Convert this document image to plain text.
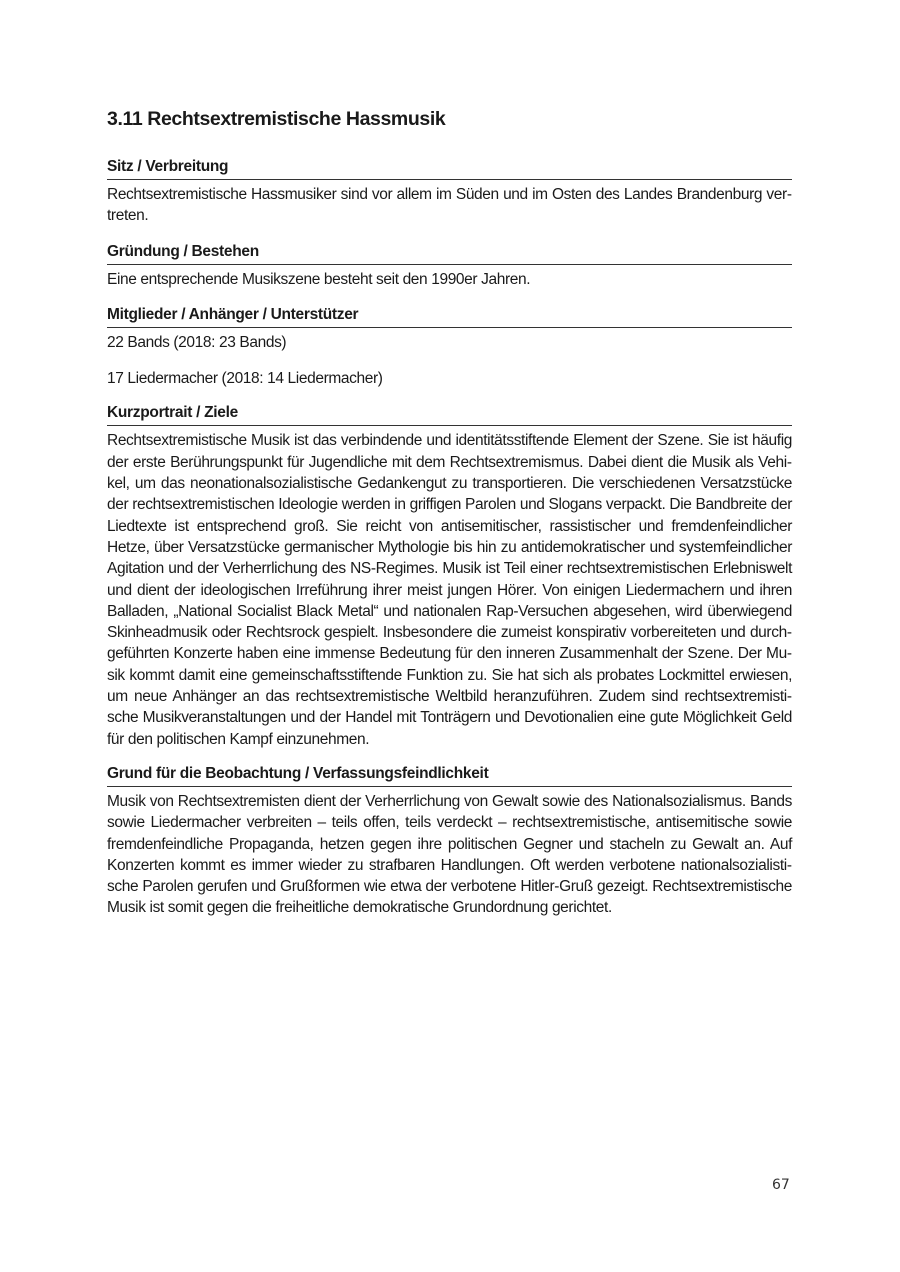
3.11 Rechtsextremistische Hassmusik
Sitz / Verbreitung

Rechtsextremistische Hassmusiker sind vor allem im Süden und im Osten des Landes Brandenburg vertreten.

Gründung / Bestehen

Eine entsprechende Musikszene besteht seit den 1990er Jahren.

Mitglieder / Anhänger / Unterstützer

22 Bands (2018: 23 Bands)

17 Liedermacher (2018: 14 Liedermacher)

Kurzportrait / Ziele

Rechtsextremistische Musik ist das verbindende und identitätsstiftende Element der Szene. Sie ist häufig der erste Berührungspunkt für Jugendliche mit dem Rechtsextremismus. Dabei dient die Musik als Vehikel, um das neonationalsozialistische Gedankengut zu transportieren. Die verschiedenen Versatzstücke der rechtsextremistischen Ideologie werden in griffigen Parolen und Slogans verpackt. Die Bandbreite der Liedtexte ist entsprechend groß. Sie reicht von antisemitischer, rassistischer und fremdenfeindlicher Hetze, über Versatzstücke germanischer Mythologie bis hin zu antidemokratischer und systemfeindlicher Agitation und der Verherrlichung des NS-Regimes. Musik ist Teil einer rechtsextremistischen Erlebniswelt und dient der ideologischen Irreführung ihrer meist jungen Hörer. Von einigen Liedermachern und ihren Balladen, „National Socialist Black Metal“ und nationalen Rap-Versuchen abgesehen, wird überwiegend Skinheadmusik oder Rechtsrock gespielt. Insbesondere die zumeist konspirativ vorbereiteten und durchgeführten Konzerte haben eine immense Bedeutung für den inneren Zusammenhalt der Szene. Der Musik kommt damit eine gemeinschaftsstiftende Funktion zu. Sie hat sich als probates Lockmittel erwiesen, um neue Anhänger an das rechtsextremistische Weltbild heranzuführen. Zudem sind rechtsextremistische Musikveranstaltungen und der Handel mit Tonträgern und Devotionalien eine gute Möglichkeit Geld für den politischen Kampf einzunehmen.

Grund für die Beobachtung / Verfassungsfeindlichkeit

Musik von Rechtsextremisten dient der Verherrlichung von Gewalt sowie des Nationalsozialismus. Bands sowie Liedermacher verbreiten – teils offen, teils verdeckt – rechtsextremistische, antisemitische sowie fremdenfeindliche Propaganda, hetzen gegen ihre politischen Gegner und stacheln zu Gewalt an. Auf Konzerten kommt es immer wieder zu strafbaren Handlungen. Oft werden verbotene nationalsozialistische Parolen gerufen und Grußformen wie etwa der verbotene Hitler-Gruß gezeigt. Rechtsextremistische Musik ist somit gegen die freiheitliche demokratische Grundordnung gerichtet.

67
